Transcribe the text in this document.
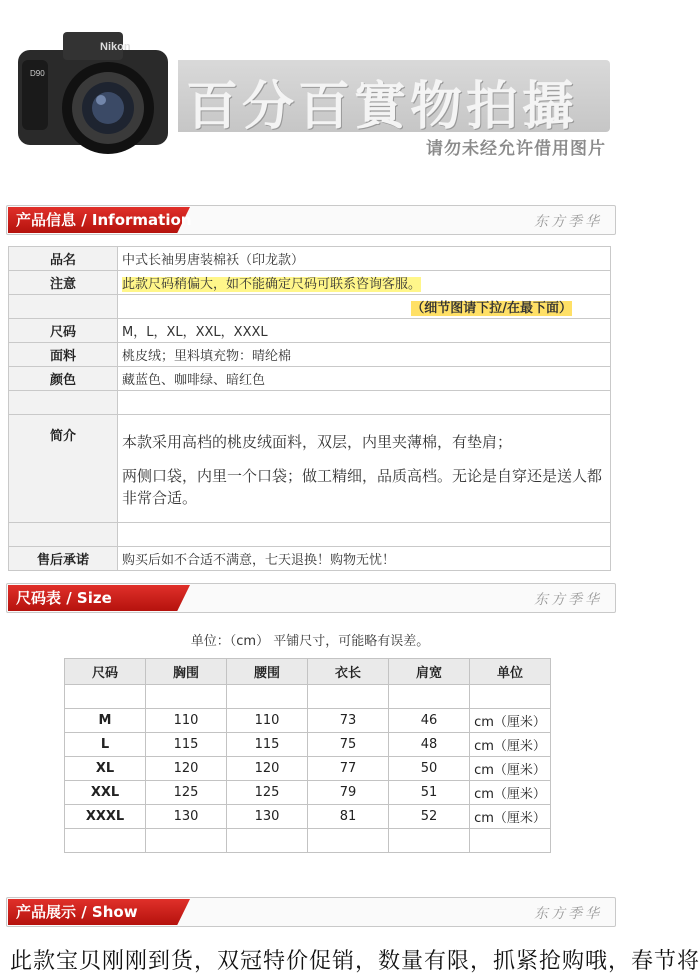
Nikon
D90
百分百實物拍攝
请勿未经允许借用图片
产品信息 / Information	东方季华
品名	中式长袖男唐装棉袄（印龙款）
注意	此款尺码稍偏大，如不能确定尺码可联系咨询客服。
	（细节图请下拉/在最下面）
尺码	M，L，XL，XXL，XXXL
面料	桃皮绒；里料填充物：晴纶棉
颜色	藏蓝色、咖啡绿、暗红色

简介	本款采用高档的桃皮绒面料，双层，内里夹薄棉，有垫肩；
两侧口袋，内里一个口袋；做工精细，品质高档。无论是自穿还是送人都非常合适。

售后承诺	购买后如不合适不满意，七天退换！购物无忧！
尺码表 / Size	东方季华
单位：（cm） 平铺尺寸，可能略有误差。
尺码	胸围	腰围	衣长	肩宽	单位

M	110	110	73	46	cm（厘米）
L	115	115	75	48	cm（厘米）
XL	120	120	77	50	cm（厘米）
XXL	125	125	79	51	cm（厘米）
XXXL	130	130	81	52	cm（厘米）

产品展示 / Show	东方季华
此款宝贝刚刚到货，双冠特价促销，数量有限，抓紧抢购哦，春节将
